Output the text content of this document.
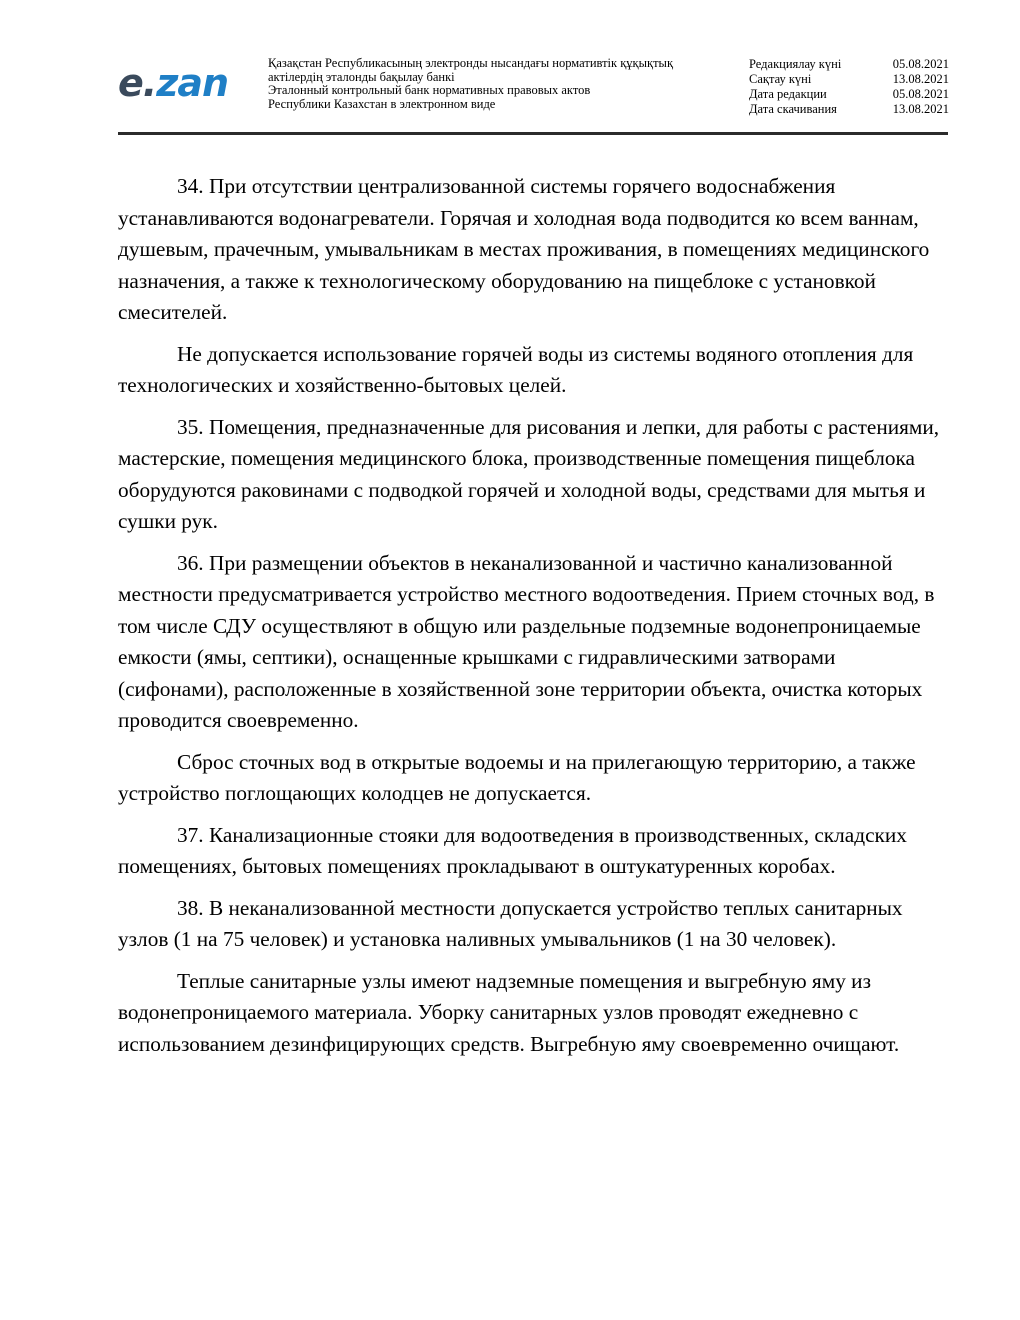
e.zan	Қазақстан Республикасының электронды нысандағы нормативтік құқықтық
актілердің эталонды бақылау банкі
Эталонный контрольный банк нормативных правовых актов
Республики Казахстан в электронном виде
Редакциялау күні	05.08.2021
Сақтау күні	13.08.2021
Дата редакции	05.08.2021
Дата скачивания	13.08.2021

34. При отсутствии централизованной системы горячего водоснабжения устанавливаются водонагреватели. Горячая и холодная вода подводится ко всем ваннам, душевым, прачечным, умывальникам в местах проживания, в помещениях медицинского назначения, а также к технологическому оборудованию на пищеблоке с установкой смесителей.

Не допускается использование горячей воды из системы водяного отопления для технологических и хозяйственно-бытовых целей.

35. Помещения, предназначенные для рисования и лепки, для работы с растениями, мастерские, помещения медицинского блока, производственные помещения пищеблока оборудуются раковинами с подводкой горячей и холодной воды, средствами для мытья и сушки рук.

36. При размещении объектов в неканализованной и частично канализованной местности предусматривается устройство местного водоотведения. Прием сточных вод, в том числе СДУ осуществляют в общую или раздельные подземные водонепроницаемые емкости (ямы, септики), оснащенные крышками с гидравлическими затворами (сифонами), расположенные в хозяйственной зоне территории объекта, очистка которых проводится своевременно.

Сброс сточных вод в открытые водоемы и на прилегающую территорию, а также устройство поглощающих колодцев не допускается.

37. Канализационные стояки для водоотведения в производственных, складских помещениях, бытовых помещениях прокладывают в оштукатуренных коробах.

38. В неканализованной местности допускается устройство теплых санитарных узлов (1 на 75 человек) и установка наливных умывальников (1 на 30 человек).

Теплые санитарные узлы имеют надземные помещения и выгребную яму из водонепроницаемого материала. Уборку санитарных узлов проводят ежедневно с использованием дезинфицирующих средств. Выгребную яму своевременно очищают.
